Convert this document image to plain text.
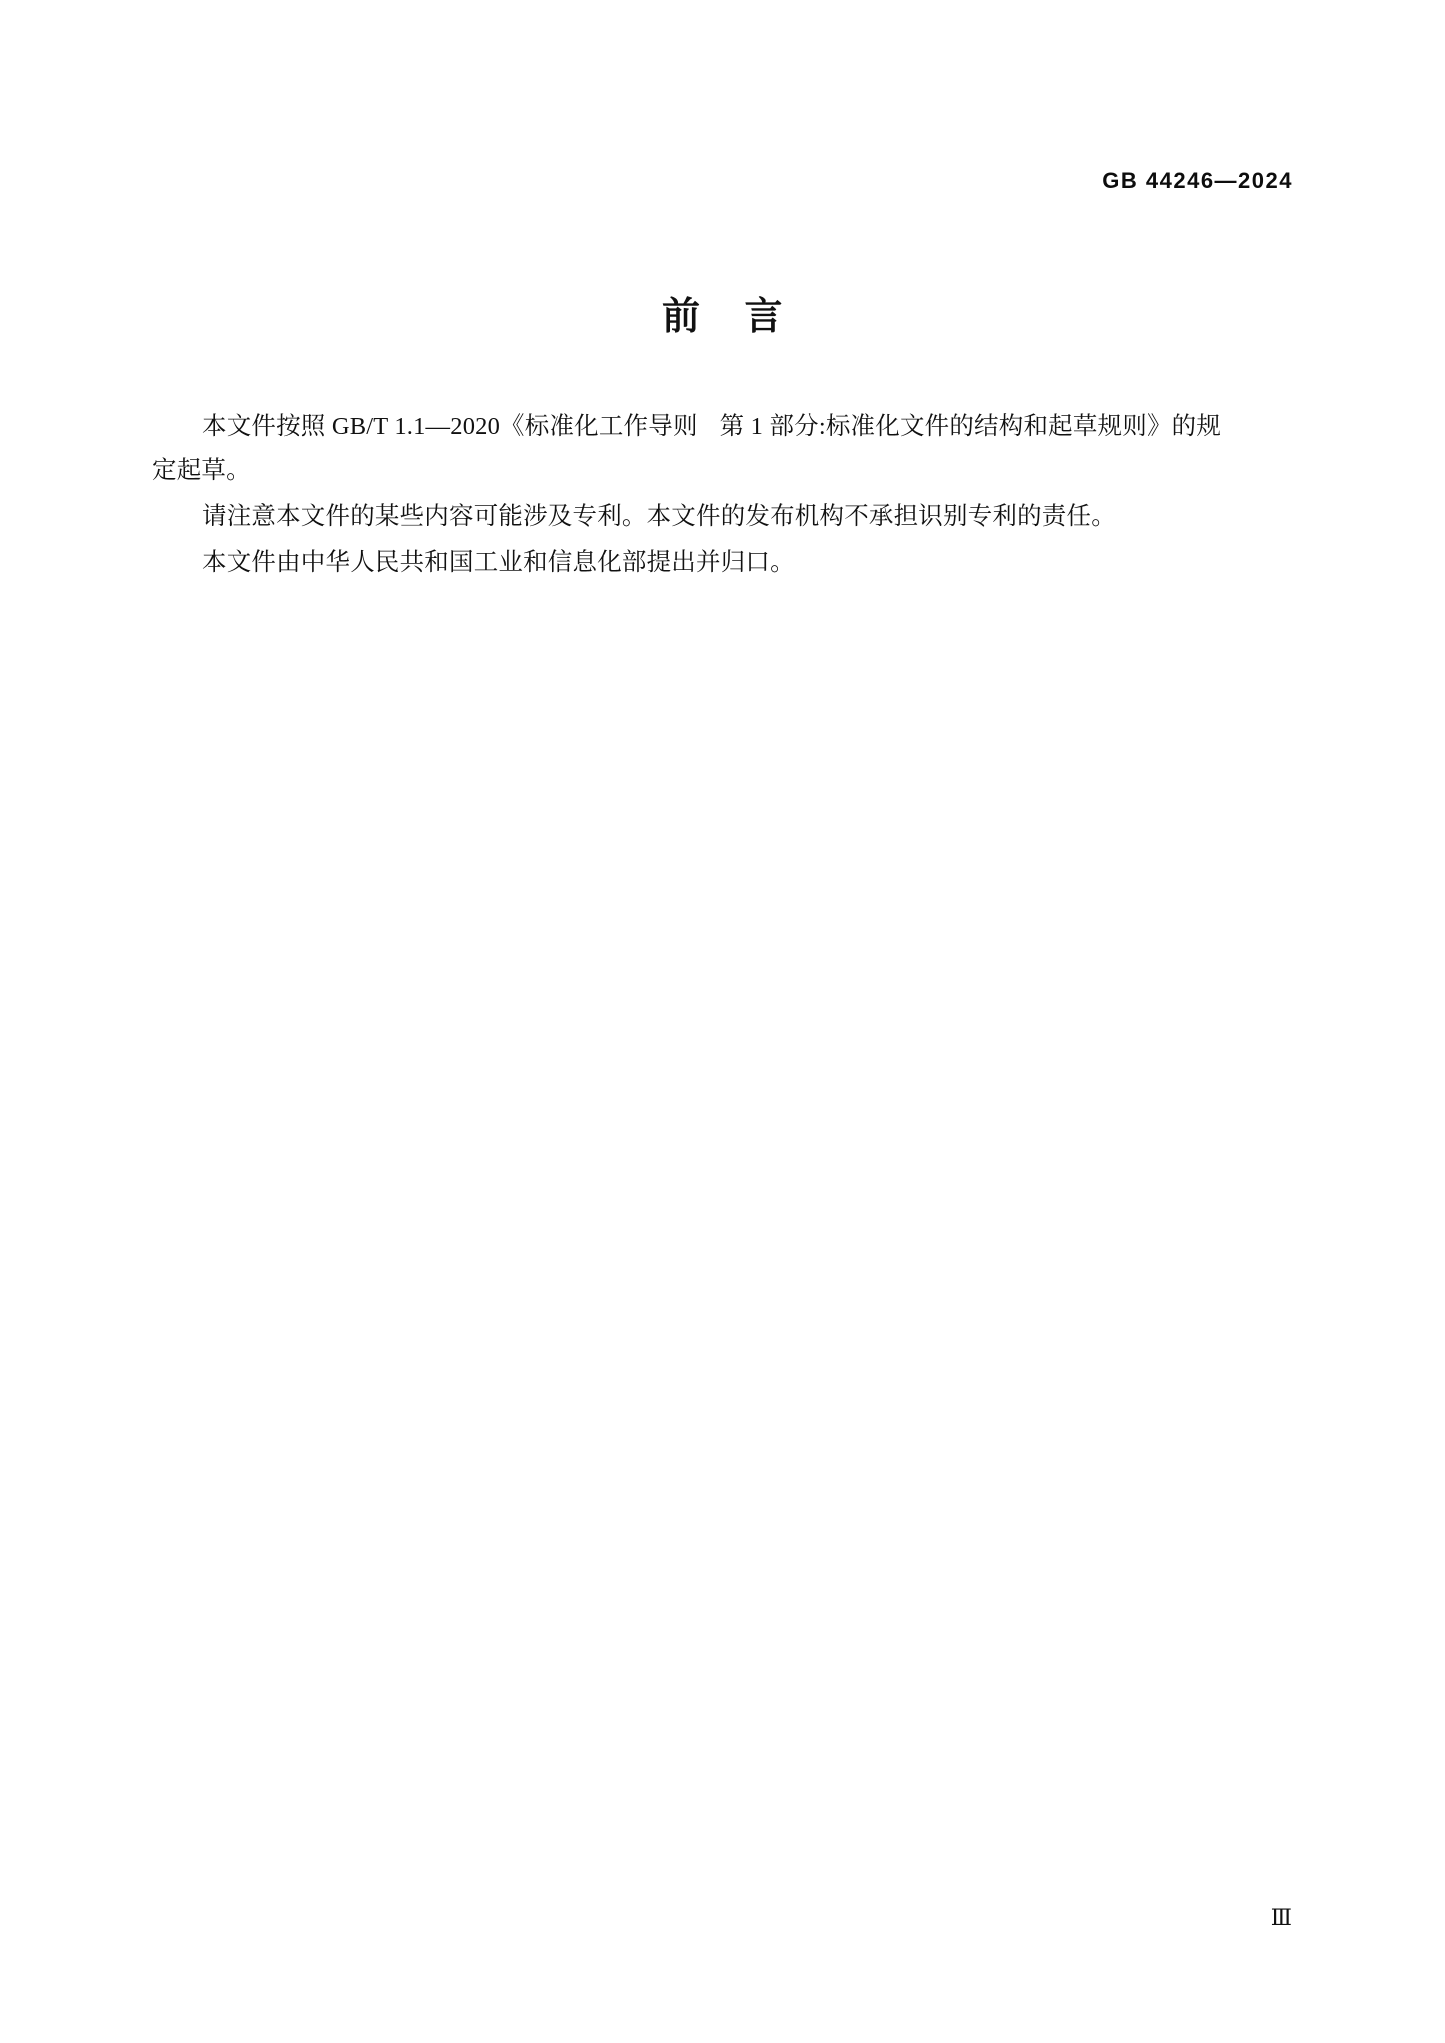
GB 44246—2024
前 言

本文件按照 GB/T 1.1—2020《标准化工作导则 第 1 部分:标准化文件的结构和起草规则》的规
定起草。

请注意本文件的某些内容可能涉及专利。本文件的发布机构不承担识别专利的责任。

本文件由中华人民共和国工业和信息化部提出并归口。

Ⅲ
